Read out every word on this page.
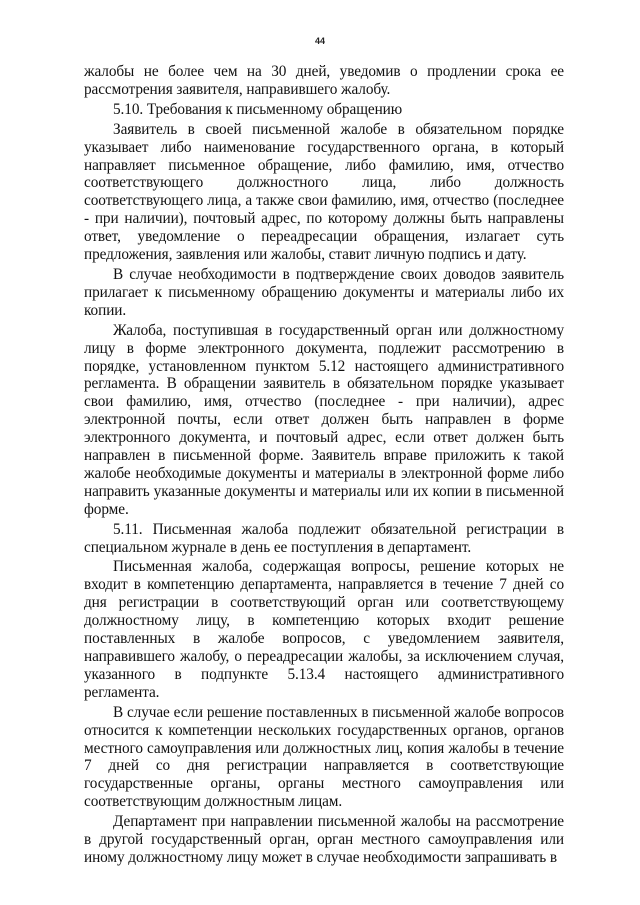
44

жалобы не более чем на 30 дней, уведомив о продлении срока ее рассмотрения заявителя, направившего жалобу.

5.10. Требования к письменному обращению

Заявитель в своей письменной жалобе в обязательном порядке указывает либо наименование государственного органа, в который направляет письменное обращение, либо фамилию, имя, отчество соответствующего должностного лица, либо должность соответствующего лица, а также свои фамилию, имя, отчество (последнее - при наличии), почтовый адрес, по которому должны быть направлены ответ, уведомление о переадресации обращения, излагает суть предложения, заявления или жалобы, ставит личную подпись и дату.

В случае необходимости в подтверждение своих доводов заявитель прилагает к письменному обращению документы и материалы либо их копии.

Жалоба, поступившая в государственный орган или должностному лицу в форме электронного документа, подлежит рассмотрению в порядке, установленном пунктом 5.12 настоящего административного регламента. В обращении заявитель в обязательном порядке указывает свои фамилию, имя, отчество (последнее - при наличии), адрес электронной почты, если ответ должен быть направлен в форме электронного документа, и почтовый адрес, если ответ должен быть направлен в письменной форме. Заявитель вправе приложить к такой жалобе необходимые документы и материалы в электронной форме либо направить указанные документы и материалы или их копии в письменной форме.

5.11. Письменная жалоба подлежит обязательной регистрации в специальном журнале в день ее поступления в департамент.

Письменная жалоба, содержащая вопросы, решение которых не входит в компетенцию департамента, направляется в течение 7 дней со дня регистрации в соответствующий орган или соответствующему должностному лицу, в компетенцию которых входит решение поставленных в жалобе вопросов, с уведомлением заявителя, направившего жалобу, о переадресации жалобы, за исключением случая, указанного в подпункте 5.13.4 настоящего административного регламента.

В случае если решение поставленных в письменной жалобе вопросов относится к компетенции нескольких государственных органов, органов местного самоуправления или должностных лиц, копия жалобы в течение 7 дней со дня регистрации направляется в соответствующие государственные органы, органы местного самоуправления или соответствующим должностным лицам.

Департамент при направлении письменной жалобы на рассмотрение в другой государственный орган, орган местного самоуправления или иному должностному лицу может в случае необходимости запрашивать в
